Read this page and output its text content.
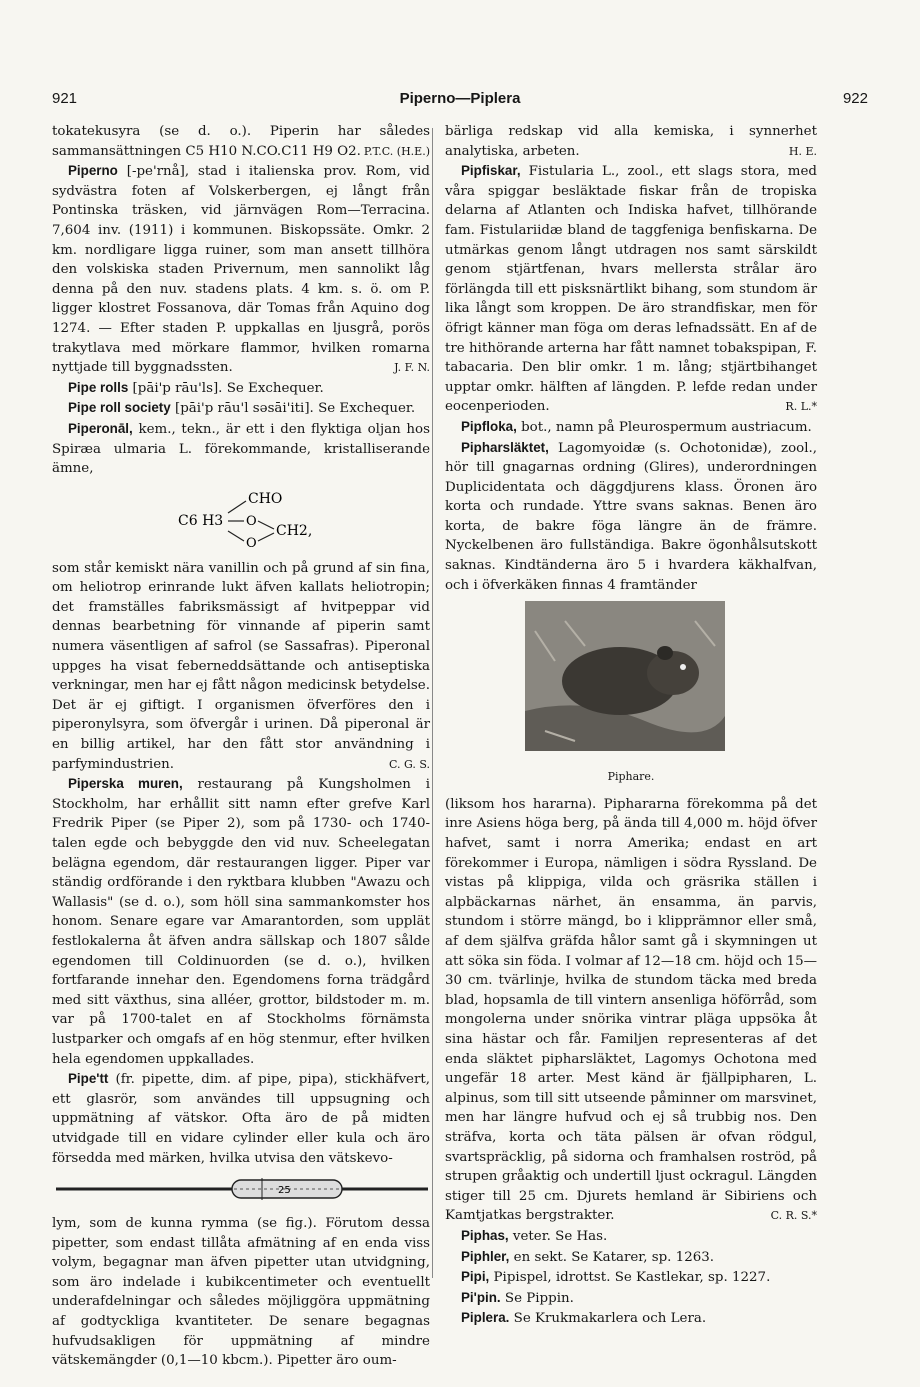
Piperno—Piplera
921	922

tokatekusyra (se d. o.). Piperin har således sammansättningen C5 H10 N.CO.C11 H9 O2. P.T.C. (H.E.)

Piperno [-pe'rnå], stad i italienska prov. Rom, vid sydvästra foten af Volskerbergen, ej långt från Pontinska träsken, vid järnvägen Rom—Terracina. 7,604 inv. (1911) i kommunen. Biskopssäte. Omkr. 2 km. nordligare ligga ruiner, som man ansett tillhöra den volskiska staden Privernum, men sannolikt låg denna på den nuv. stadens plats. 4 km. s. ö. om P. ligger klostret Fossanova, där Tomas från Aquino dog 1274. — Efter staden P. uppkallas en ljusgrå, porös trakytlava med mörkare flammor, hvilken romarna nyttjade till byggnadssten.	J. F. N.

Pipe rolls [pāi'p rāu'ls]. Se Exchequer.

Pipe roll society [pāi'p rāu'l səsāi'iti]. Se Exchequer.

Piperonāl, kem., tekn., är ett i den flyktiga oljan hos Spiræa ulmaria L. förekommande, kristalliserande ämne,

C6 H3
CHO
O
O
CH2,

som står kemiskt nära vanillin och på grund af sin fina, om heliotrop erinrande lukt äfven kallats heliotropin; det framställes fabriksmässigt af hvitpeppar vid dennas bearbetning för vinnande af piperin samt numera väsentligen af safrol (se Sassafras). Piperonal uppges ha visat feberneddsättande och antiseptiska verkningar, men har ej fått någon medicinsk betydelse. Det är ej giftigt. I organismen öfverföres den i piperonylsyra, som öfvergår i urinen. Då piperonal är en billig artikel, har den fått stor användning i parfymindustrien.	C. G. S.

Piperska muren, restaurang på Kungsholmen i Stockholm, har erhållit sitt namn efter grefve Karl Fredrik Piper (se Piper 2), som på 1730- och 1740-talen egde och bebyggde den vid nuv. Scheelegatan belägna egendom, där restaurangen ligger. Piper var ständig ordförande i den ryktbara klubben "Awazu och Wallasis" (se d. o.), som höll sina sammankomster hos honom. Senare egare var Amarantorden, som upplät festlokalerna åt äfven andra sällskap och 1807 sålde egendomen till Coldinuorden (se d. o.), hvilken fortfarande innehar den. Egendomens forna trädgård med sitt växthus, sina alléer, grottor, bildstoder m. m. var på 1700-talet en af Stockholms förnämsta lustparker och omgafs af en hög stenmur, efter hvilken hela egendomen uppkallades.

Pipe'tt (fr. pipette, dim. af pipe, pipa), stickhäfvert, ett glasrör, som användes till uppsugning och uppmätning af vätskor. Ofta äro de på midten utvidgade till en vidare cylinder eller kula och äro försedda med märken, hvilka utvisa den vätskevo-

25

lym, som de kunna rymma (se fig.). Förutom dessa pipetter, som endast tillåta afmätning af en enda viss volym, begagnar man äfven pipetter utan utvidgning, som äro indelade i kubikcentimeter och eventuellt underafdelningar och således möjliggöra uppmätning af godtyckliga kvantiteter. De senare begagnas hufvudsakligen för uppmätning af mindre vätskemängder (0,1—10 kbcm.). Pipetter äro oum-

bärliga redskap vid alla kemiska, i synnerhet analytiska, arbeten.	H. E.

Pipfiskar, Fistularia L., zool., ett slags stora, med våra spiggar besläktade fiskar från de tropiska delarna af Atlanten och Indiska hafvet, tillhörande fam. Fistulariidæ bland de taggfeniga benfiskarna. De utmärkas genom långt utdragen nos samt särskildt genom stjärtfenan, hvars mellersta strålar äro förlängda till ett pisksnärtlikt bihang, som stundom är lika långt som kroppen. De äro strandfiskar, men för öfrigt känner man föga om deras lefnadssätt. En af de tre hithörande arterna har fått namnet tobakspipan, F. tabacaria. Den blir omkr. 1 m. lång; stjärtbihanget upptar omkr. hälften af längden. P. lefde redan under eocenperioden.	R. L.*

Pipfloka, bot., namn på Pleurospermum austriacum.

Pipharsläktet, Lagomyoidæ (s. Ochotonidæ), zool., hör till gnagarnas ordning (Glires), underordningen Duplicidentata och däggdjurens klass. Öronen äro korta och rundade. Yttre svans saknas. Benen äro korta, de bakre föga längre än de främre. Nyckelbenen äro fullständiga. Bakre ögonhålsutskott saknas. Kindtänderna äro 5 i hvardera käkhalfvan, och i öfverkäken finnas 4 framtänder

Piphare.

(liksom hos hararna). Piphararna förekomma på det inre Asiens höga berg, på ända till 4,000 m. höjd öfver hafvet, samt i norra Amerika; endast en art förekommer i Europa, nämligen i södra Ryssland. De vistas på klippiga, vilda och gräsrika ställen i alpbäckarnas närhet, än ensamma, än parvis, stundom i större mängd, bo i klipprämnor eller små, af dem själfva gräfda hålor samt gå i skymningen ut att söka sin föda. I volmar af 12—18 cm. höjd och 15—30 cm. tvärlinje, hvilka de stundom täcka med breda blad, hopsamla de till vintern ansenliga höförråd, som mongolerna under snörika vintrar pläga uppsöka åt sina hästar och får. Familjen representeras af det enda släktet pipharsläktet, Lagomys Ochotona med ungefär 18 arter. Mest känd är fjällpipharen, L. alpinus, som till sitt utseende påminner om marsvinet, men har längre hufvud och ej så trubbig nos. Den sträfva, korta och täta pälsen är ofvan rödgul, svartspräcklig, på sidorna och framhalsen roströd, på strupen gråaktig och undertill ljust ockragul. Längden stiger till 25 cm. Djurets hemland är Sibiriens och Kamtjatkas bergstrakter.	C. R. S.*

Piphas, veter. Se Has.

Piphler, en sekt. Se Katarer, sp. 1263.

Pipi, Pipispel, idrottst. Se Kastlekar, sp. 1227.

Pi'pin. Se Pippin.

Piplera. Se Krukmakarlera och Lera.
